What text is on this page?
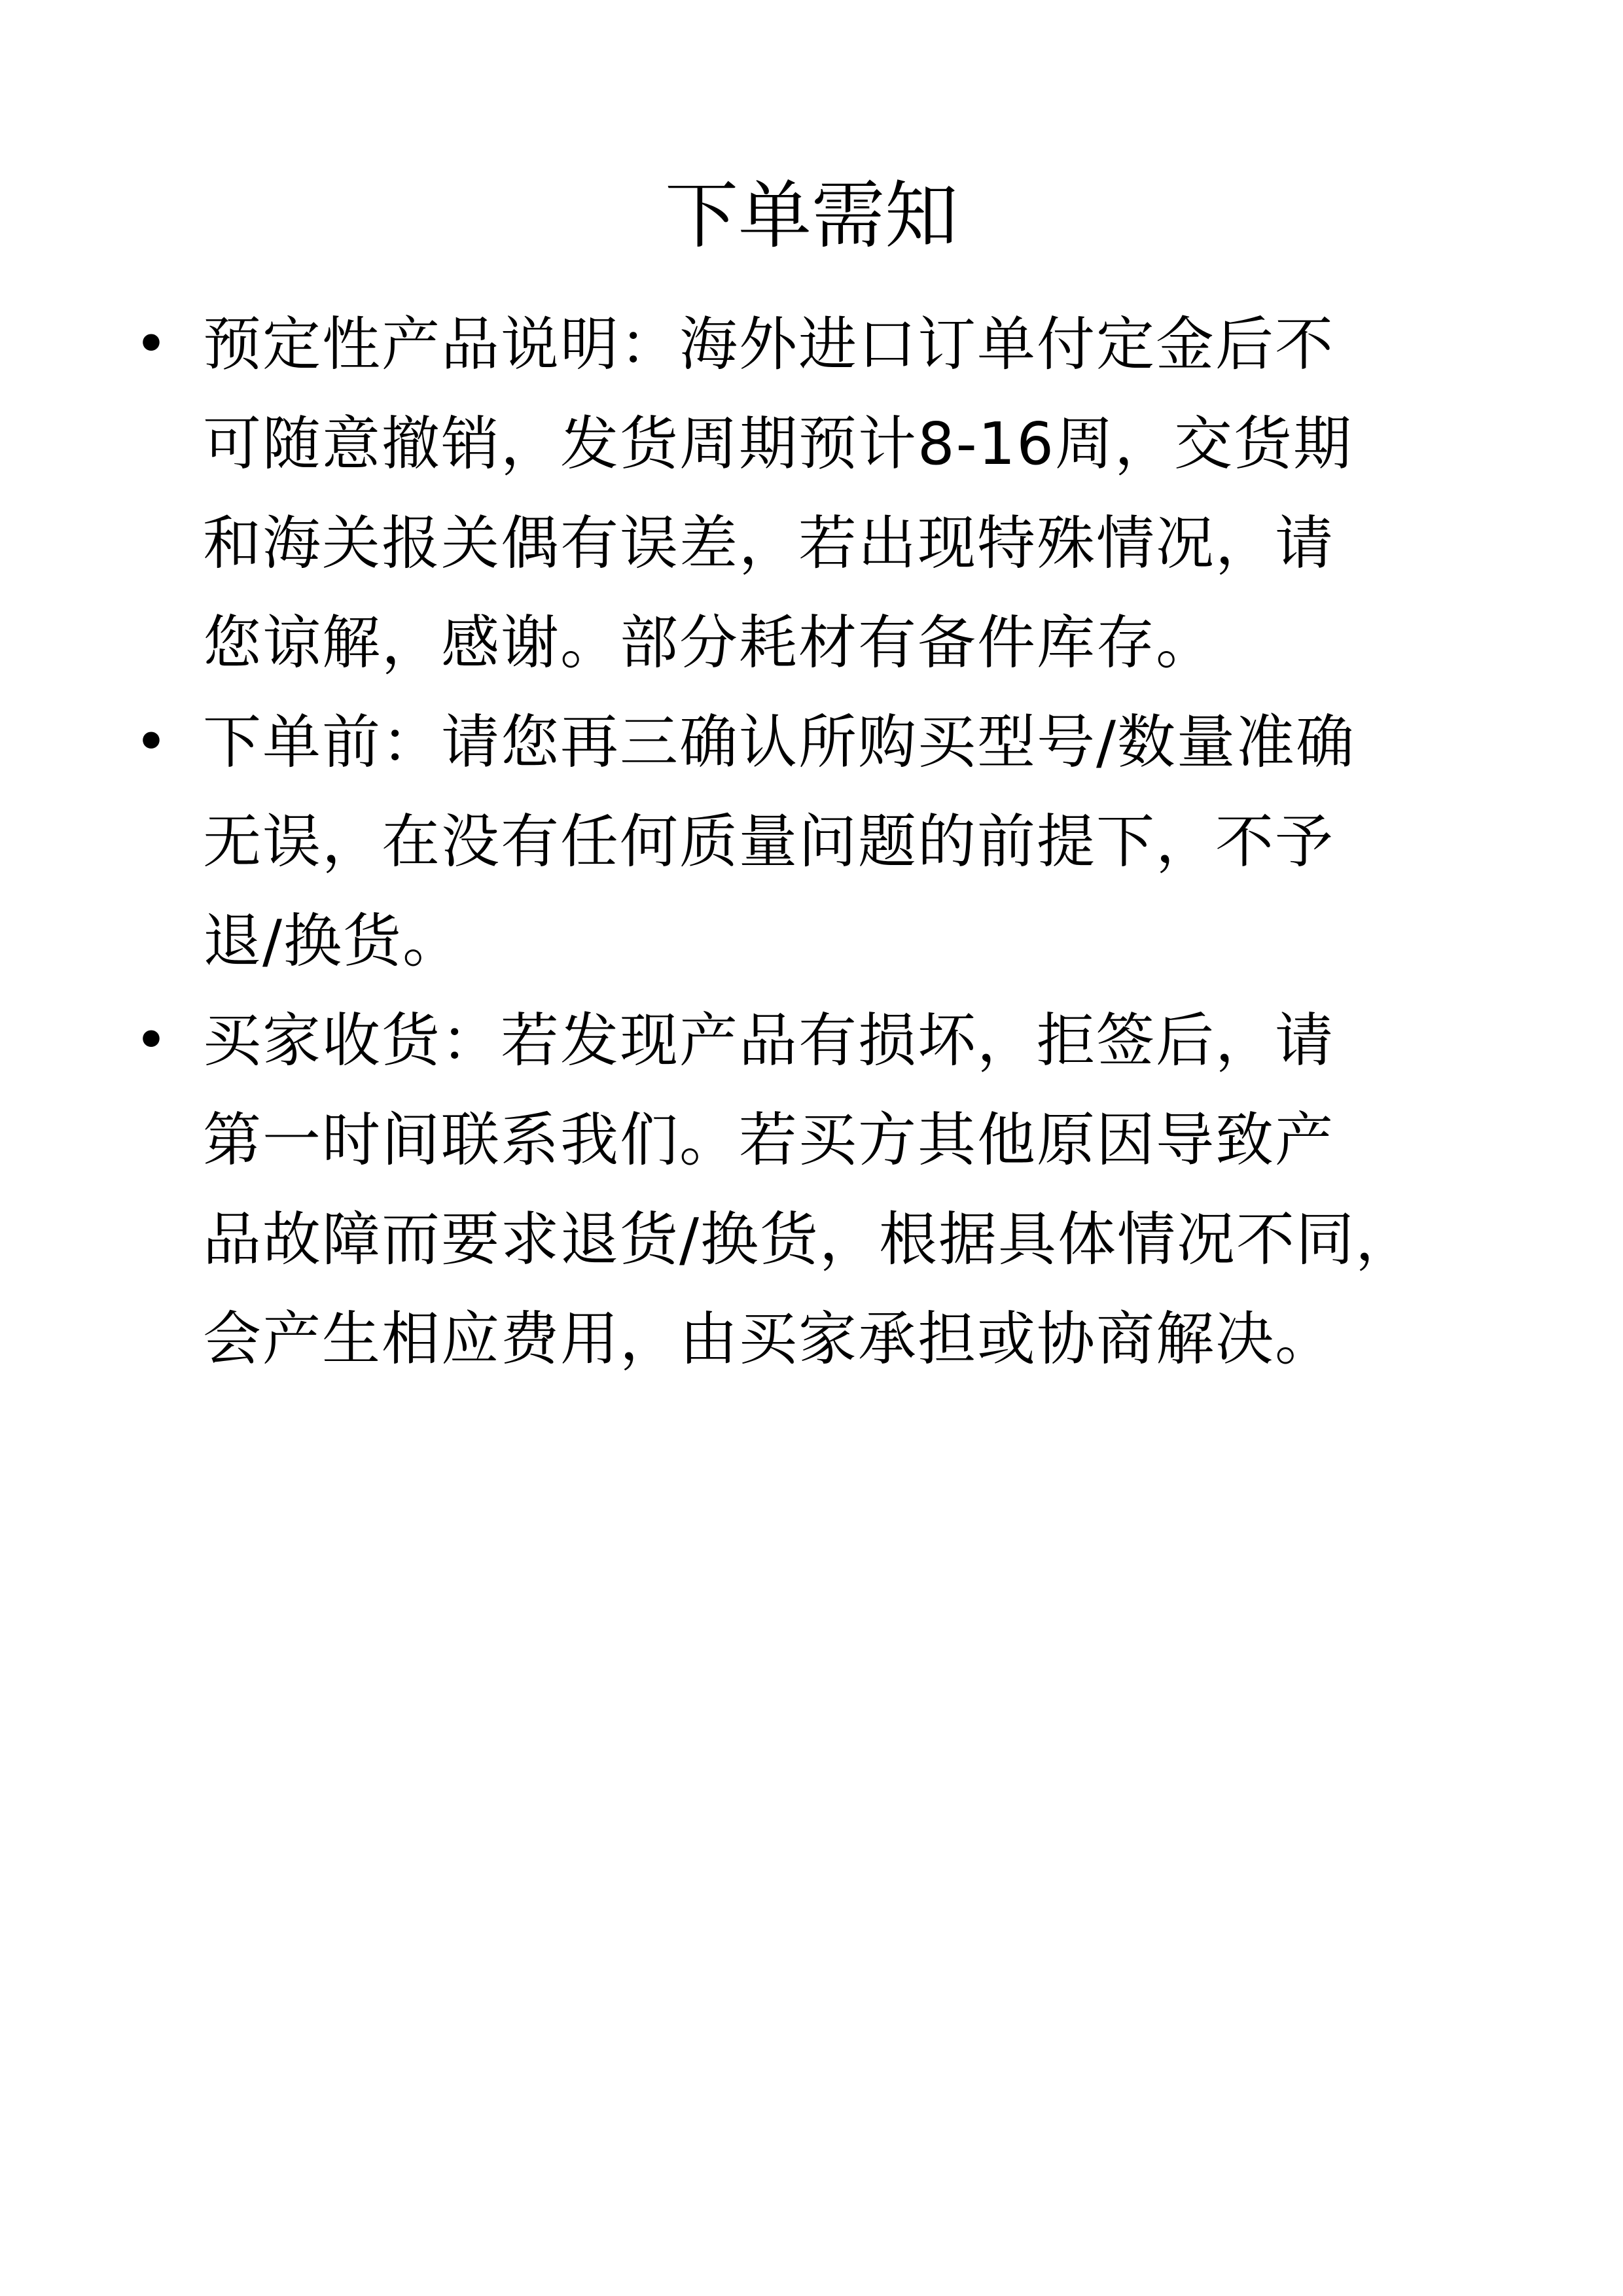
下单需知
• 预定性产品说明：海外进口订单付定金后不
可随意撤销，发货周期预计8-16周，交货期
和海关报关偶有误差，若出现特殊情况，请
您谅解，感谢。部分耗材有备件库存。
• 下单前：请您再三确认所购买型号/数量准确
无误，在没有任何质量问题的前提下，不予
退/换货。
• 买家收货：若发现产品有损坏，拒签后，请
第一时间联系我们。若买方其他原因导致产
品故障而要求退货/换货，根据具体情况不同，
会产生相应费用，由买家承担或协商解决。
